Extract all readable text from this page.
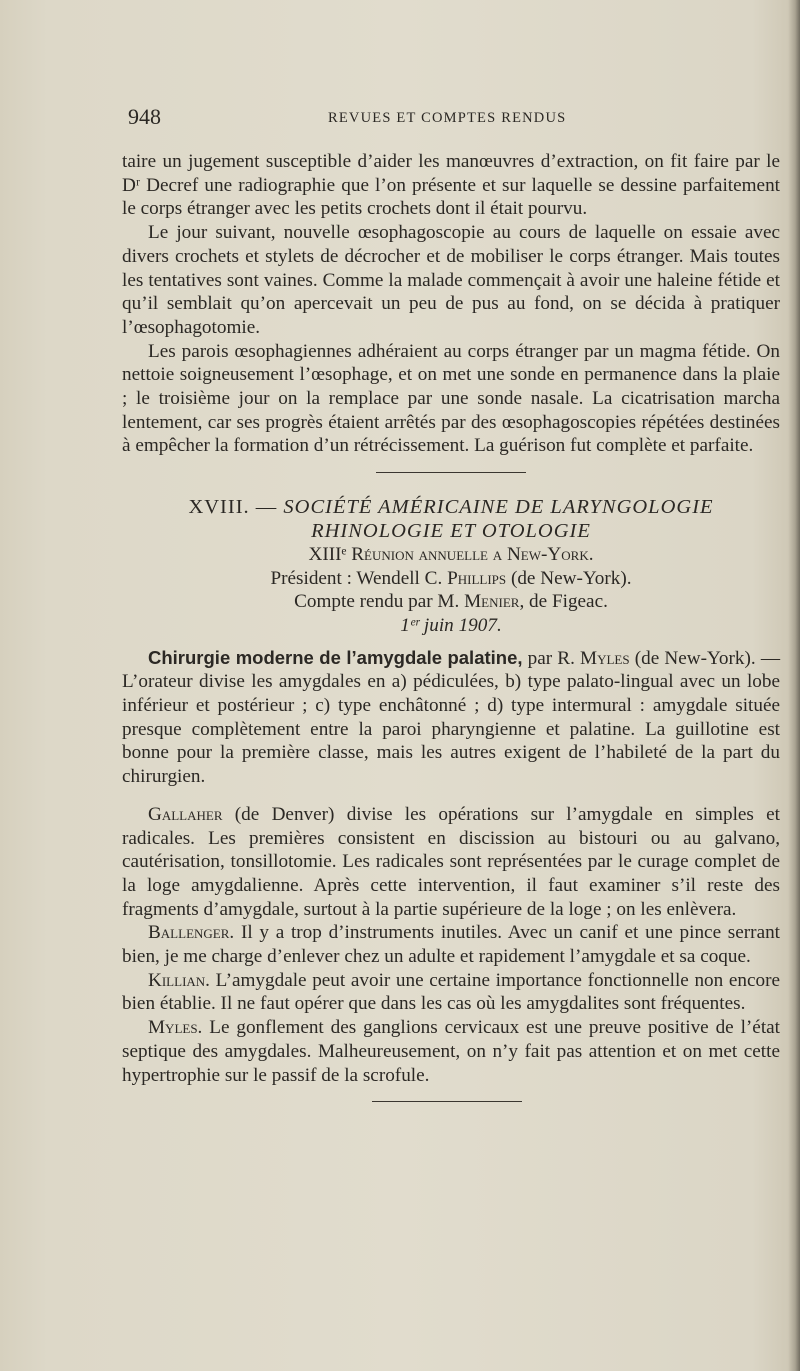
948	REVUES ET COMPTES RENDUS

taire un jugement susceptible d’aider les manœuvres d’extraction, on fit faire par le Dʳ Decref une radiographie que l’on présente et sur laquelle se dessine parfaitement le corps étranger avec les petits crochets dont il était pourvu.

Le jour suivant, nouvelle œsophagoscopie au cours de laquelle on essaie avec divers crochets et stylets de décrocher et de mobiliser le corps étranger. Mais toutes les tentatives sont vaines. Comme la malade commençait à avoir une haleine fétide et qu’il semblait qu’on apercevait un peu de pus au fond, on se décida à pratiquer l’œsophagotomie.

Les parois œsophagiennes adhéraient au corps étranger par un magma fétide. On nettoie soigneusement l’œsophage, et on met une sonde en permanence dans la plaie ; le troisième jour on la remplace par une sonde nasale. La cicatrisation marcha lentement, car ses progrès étaient arrêtés par des œsophagoscopies répétées destinées à empêcher la formation d’un rétrécissement. La guérison fut complète et parfaite.

XVIII. — SOCIÉTÉ AMÉRICAINE DE LARYNGOLOGIE
RHINOLOGIE ET OTOLOGIE
XIIIᵉ Réunion annuelle a New-York.
Président : Wendell C. Phillips (de New-York).
Compte rendu par M. Menier, de Figeac.
1ᵉʳ juin 1907.

Chirurgie moderne de l’amygdale palatine, par R. Myles (de New-York). — L’orateur divise les amygdales en a) pédiculées, b) type palato-lingual avec un lobe inférieur et postérieur ; c) type enchâtonné ; d) type intermural : amygdale située presque complètement entre la paroi pharyngienne et palatine. La guillotine est bonne pour la première classe, mais les autres exigent de l’habileté de la part du chirurgien.

Gallaher (de Denver) divise les opérations sur l’amygdale en simples et radicales. Les premières consistent en discission au bistouri ou au galvano, cautérisation, tonsillotomie. Les radicales sont représentées par le curage complet de la loge amygdalienne. Après cette intervention, il faut examiner s’il reste des fragments d’amygdale, surtout à la partie supérieure de la loge ; on les enlèvera.

Ballenger. Il y a trop d’instruments inutiles. Avec un canif et une pince serrant bien, je me charge d’enlever chez un adulte et rapidement l’amygdale et sa coque.

Killian. L’amygdale peut avoir une certaine importance fonctionnelle non encore bien établie. Il ne faut opérer que dans les cas où les amygdalites sont fréquentes.

Myles. Le gonflement des ganglions cervicaux est une preuve positive de l’état septique des amygdales. Malheureusement, on n’y fait pas attention et on met cette hypertrophie sur le passif de la scrofule.
